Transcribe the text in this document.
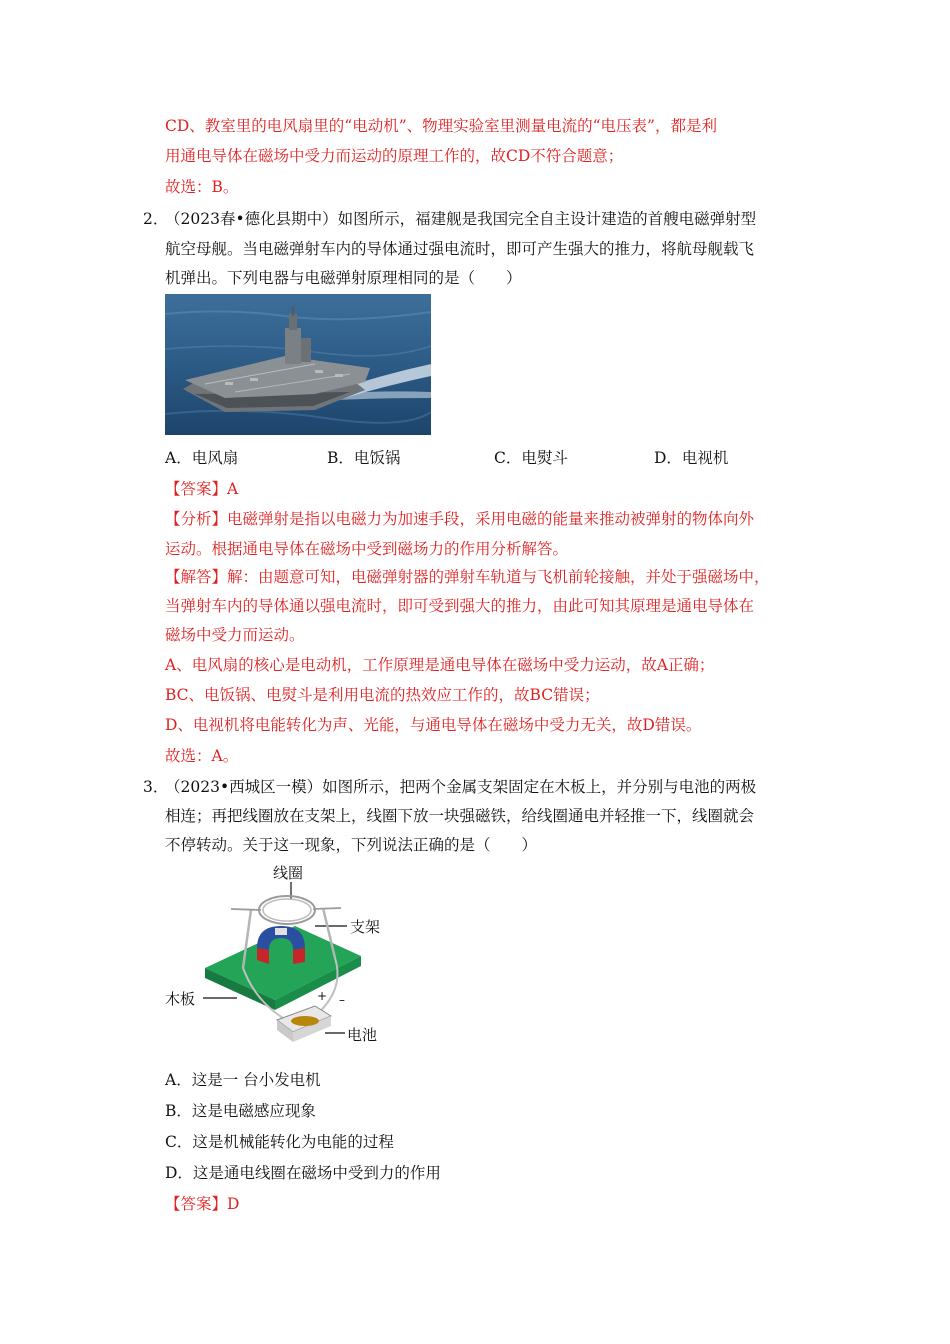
CD、教室里的电风扇里的“电动机”、物理实验室里测量电流的“电压表”，都是利
用通电导体在磁场中受力而运动的原理工作的，故CD不符合题意；
故选：B。
2．
（2023春•德化县期中）如图所示，福建舰是我国完全自主设计建造的首艘电磁弹射型
航空母舰。当电磁弹射车内的导体通过强电流时，即可产生强大的推力，将航母舰载飞
机弹出。下列电器与电磁弹射原理相同的是（　　）
A．电风扇	B．电饭锅	C．电熨斗	D．电视机
【答案】A
【分析】电磁弹射是指以电磁力为加速手段，采用电磁的能量来推动被弹射的物体向外
运动。根据通电导体在磁场中受到磁场力的作用分析解答。
【解答】解：由题意可知，电磁弹射器的弹射车轨道与飞机前轮接触，并处于强磁场中，
当弹射车内的导体通以强电流时，即可受到强大的推力，由此可知其原理是通电导体在
磁场中受力而运动。
A、电风扇的核心是电动机，工作原理是通电导体在磁场中受力运动，故A正确；
BC、电饭锅、电熨斗是利用电流的热效应工作的，故BC错误；
D、电视机将电能转化为声、光能，与通电导体在磁场中受力无关，故D错误。
故选：A。
3．
（2023•西城区一模）如图所示，把两个金属支架固定在木板上，并分别与电池的两极
相连；再把线圈放在支架上，线圈下放一块强磁铁，给线圈通电并轻推一下，线圈就会
不停转动。关于这一现象，下列说法正确的是（　　）
线圈
支架
木板
电池
+ –
A．这是一 台小发电机
B．这是电磁感应现象
C．这是机械能转化为电能的过程
D．这是通电线圈在磁场中受到力的作用
【答案】D
